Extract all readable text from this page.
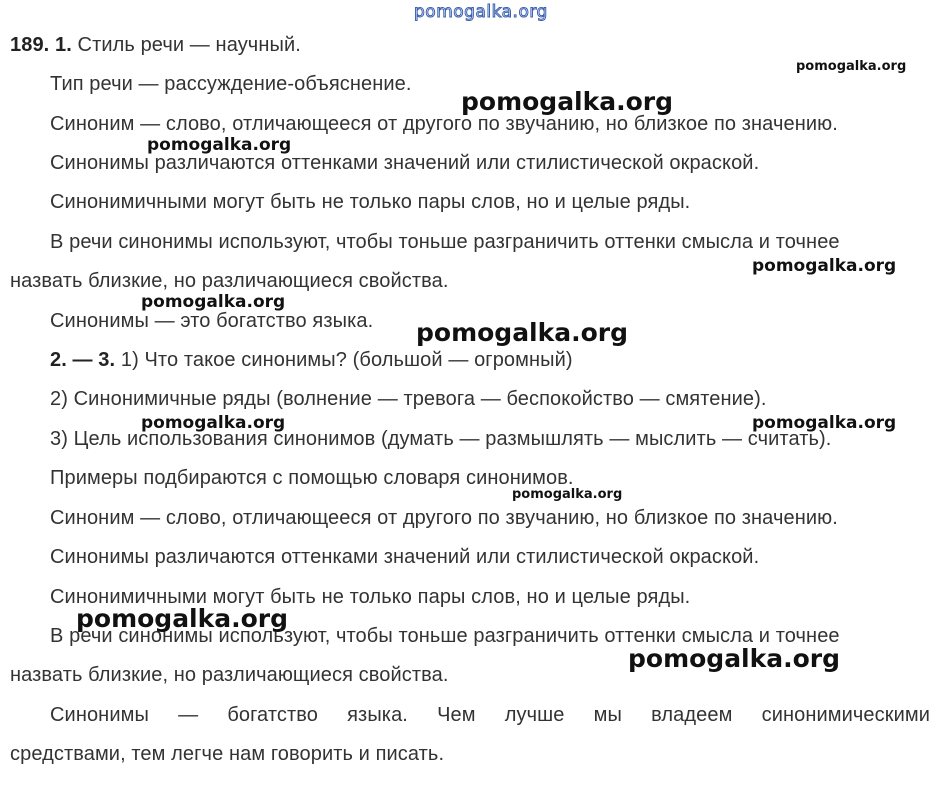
pomogalka.org
189. 1. Стиль речи — научный.
Тип речи — рассуждение-объяснение.
Синоним — слово, отличающееся от другого по звучанию, но близкое по значению.
Синонимы различаются оттенками значений или стилистической окраской.
Синонимичными могут быть не только пары слов, но и целые ряды.
В речи синонимы используют, чтобы тоньше разграничить оттенки смысла и точнее
назвать близкие, но различающиеся свойства.
Синонимы — это богатство языка.
2. — 3. 1) Что такое синонимы? (большой — огромный)
2) Синонимичные ряды (волнение — тревога — беспокойство — смятение).
3) Цель использования синонимов (думать — размышлять — мыслить — считать).
Примеры подбираются с помощью словаря синонимов.
Синоним — слово, отличающееся от другого по звучанию, но близкое по значению.
Синонимы различаются оттенками значений или стилистической окраской.
Синонимичными могут быть не только пары слов, но и целые ряды.
В речи синонимы используют, чтобы тоньше разграничить оттенки смысла и точнее
назвать близкие, но различающиеся свойства.
Синонимы — богатство языка. Чем лучше мы владеем синонимическими
средствами, тем легче нам говорить и писать.
pomogalka.org
pomogalka.org
pomogalka.org
pomogalka.org
pomogalka.org
pomogalka.org
pomogalka.org	pomogalka.org
pomogalka.org
pomogalka.org
pomogalka.org
